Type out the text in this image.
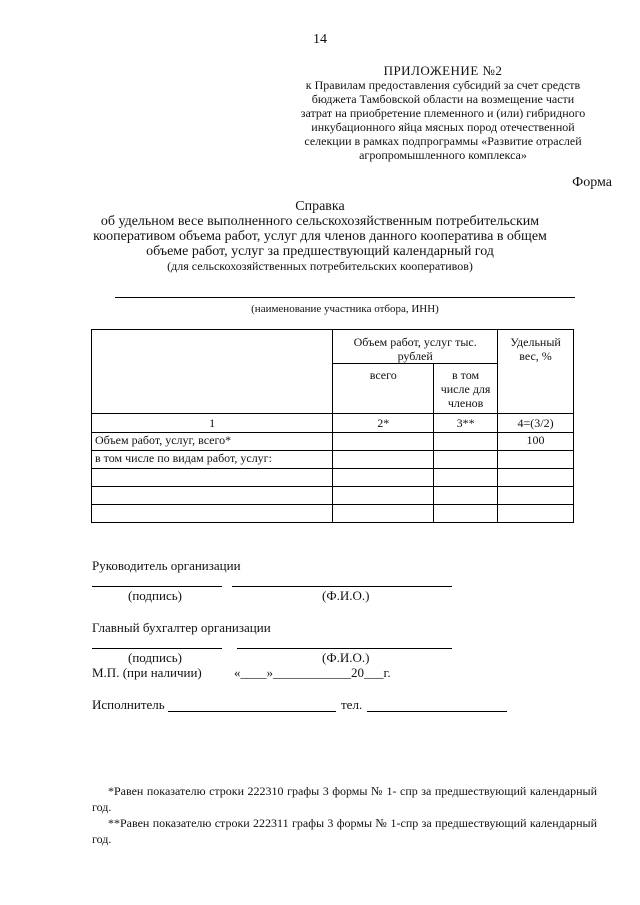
14
ПРИЛОЖЕНИЕ №2
к Правилам предоставления субсидий за счет средств
бюджета Тамбовской области на возмещение части
затрат на приобретение племенного и (или) гибридного
инкубационного яйца мясных пород отечественной
селекции в рамках подпрограммы «Развитие отраслей
агропромышленного комплекса»
Форма
Справка
об удельном весе выполненного сельскохозяйственным потребительским
кооперативом объема работ, услуг для членов данного кооператива в общем
объеме работ, услуг за предшествующий календарный год
(для сельскохозяйственных потребительских кооперативов)
(наименование участника отбора, ИНН)
	Объем работ, услуг тыс. рублей		Удельный вес, %
	всего	в том числе для членов	
1	2*	3**	4=(3/2)
Объем работ, услуг, всего*			100
в том числе по видам работ, услуг:			

Руководитель организации
(подпись)	(Ф.И.О.)
Главный бухгалтер организации
(подпись)	(Ф.И.О.)
М.П. (при наличии) «____»____________20___г.
Исполнитель	тел.

*Равен показателю строки 222310 графы 3 формы № 1- спр за предшествующий календарный год.

**Равен показателю строки 222311 графы 3 формы № 1-спр за предшествующий календарный год.
